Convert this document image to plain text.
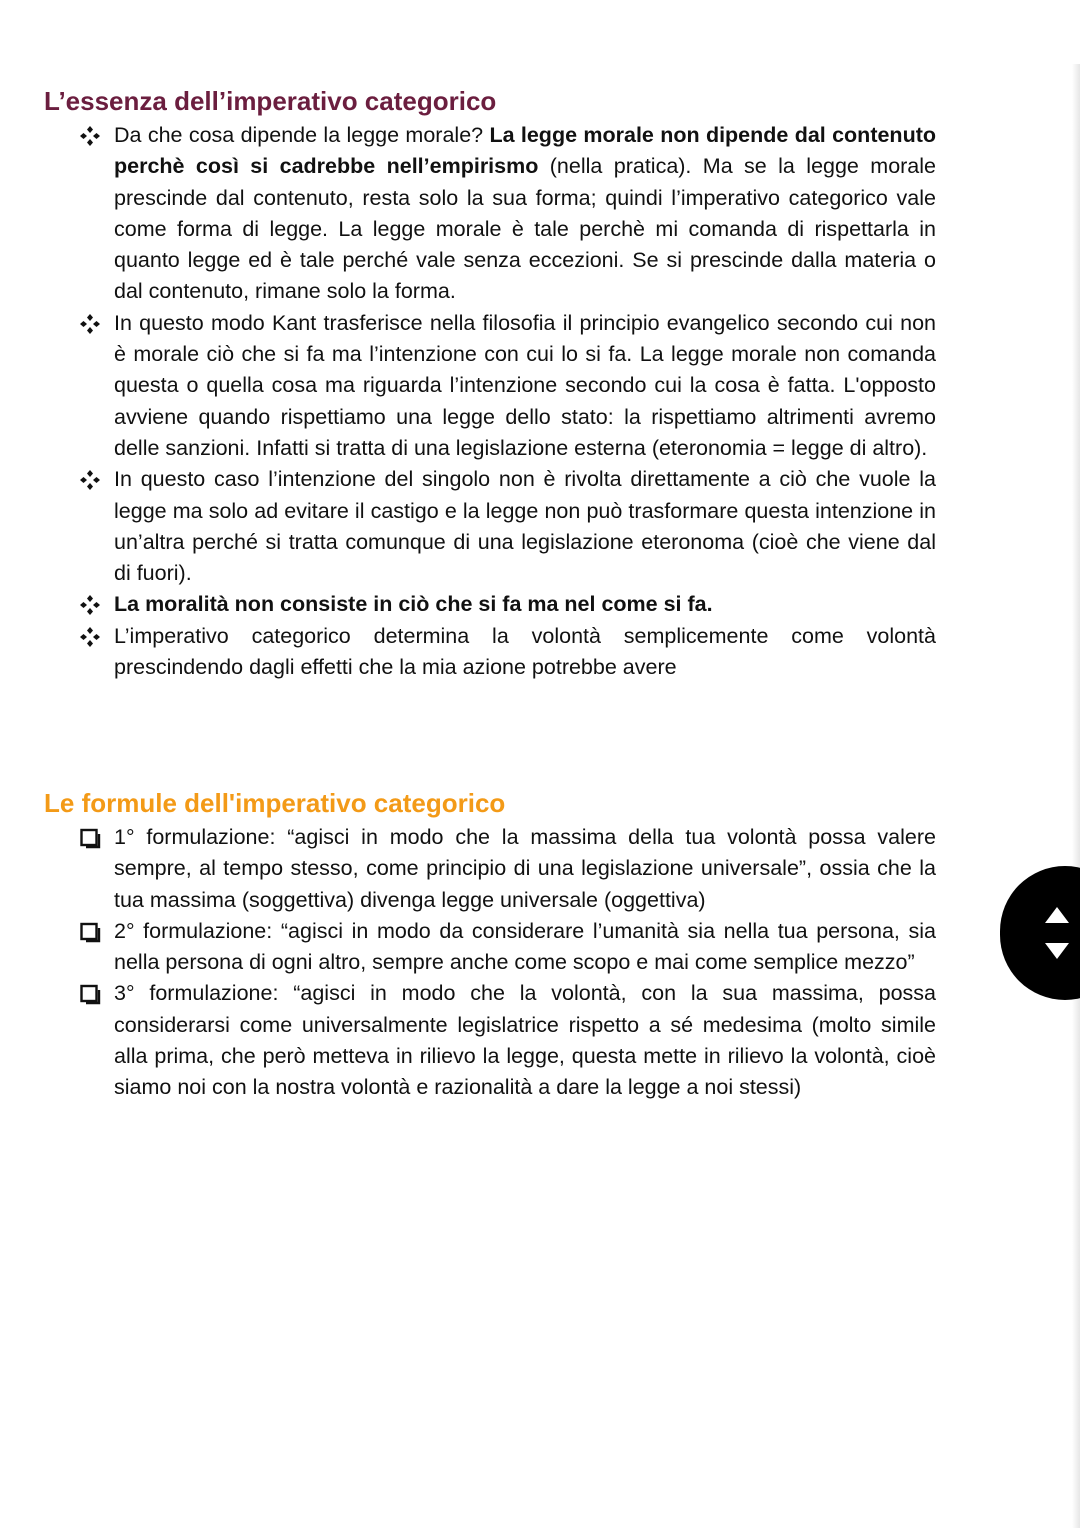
L’essenza dell’imperativo categorico
Da che cosa dipende la legge morale? La legge morale non dipende dal contenuto perchè così si cadrebbe nell’empirismo (nella pratica). Ma se la legge morale prescinde dal contenuto, resta solo la sua forma; quindi l’imperativo categorico vale come forma di legge. La legge morale è tale perchè mi comanda di rispettarla in quanto legge ed è tale perché vale senza eccezioni. Se si prescinde dalla materia o dal contenuto, rimane solo la forma.
In questo modo Kant trasferisce nella filosofia il principio evangelico secondo cui non è morale ciò che si fa ma l’intenzione con cui lo si fa. La legge morale non comanda questa o quella cosa ma riguarda l’intenzione secondo cui la cosa è fatta. L'opposto avviene quando rispettiamo una legge dello stato: la rispettiamo altrimenti avremo delle sanzioni. Infatti si tratta di una legislazione esterna (eteronomia = legge di altro).
In questo caso l’intenzione del singolo non è rivolta direttamente a ciò che vuole la legge ma solo ad evitare il castigo e la legge non può trasformare questa intenzione in un’altra perché si tratta comunque di una legislazione eteronoma (cioè che viene dal di fuori).
La moralità non consiste in ciò che si fa ma nel come si fa.
L’imperativo categorico determina la volontà semplicemente come volontà prescindendo dagli effetti che la mia azione potrebbe avere
Le formule dell'imperativo categorico
1° formulazione: “agisci in modo che la massima della tua volontà possa valere sempre, al tempo stesso, come principio di una legislazione universale”, ossia che la tua massima (soggettiva) divenga legge universale (oggettiva)
2° formulazione: “agisci in modo da considerare l’umanità sia nella tua persona, sia nella persona di ogni altro, sempre anche come scopo e mai come semplice mezzo”
3° formulazione: “agisci in modo che la volontà, con la sua massima, possa considerarsi come universalmente legislatrice rispetto a sé medesima (molto simile alla prima, che però metteva in rilievo la legge, questa mette in rilievo la volontà, cioè siamo noi con la nostra volontà e razionalità a dare la legge a noi stessi)
